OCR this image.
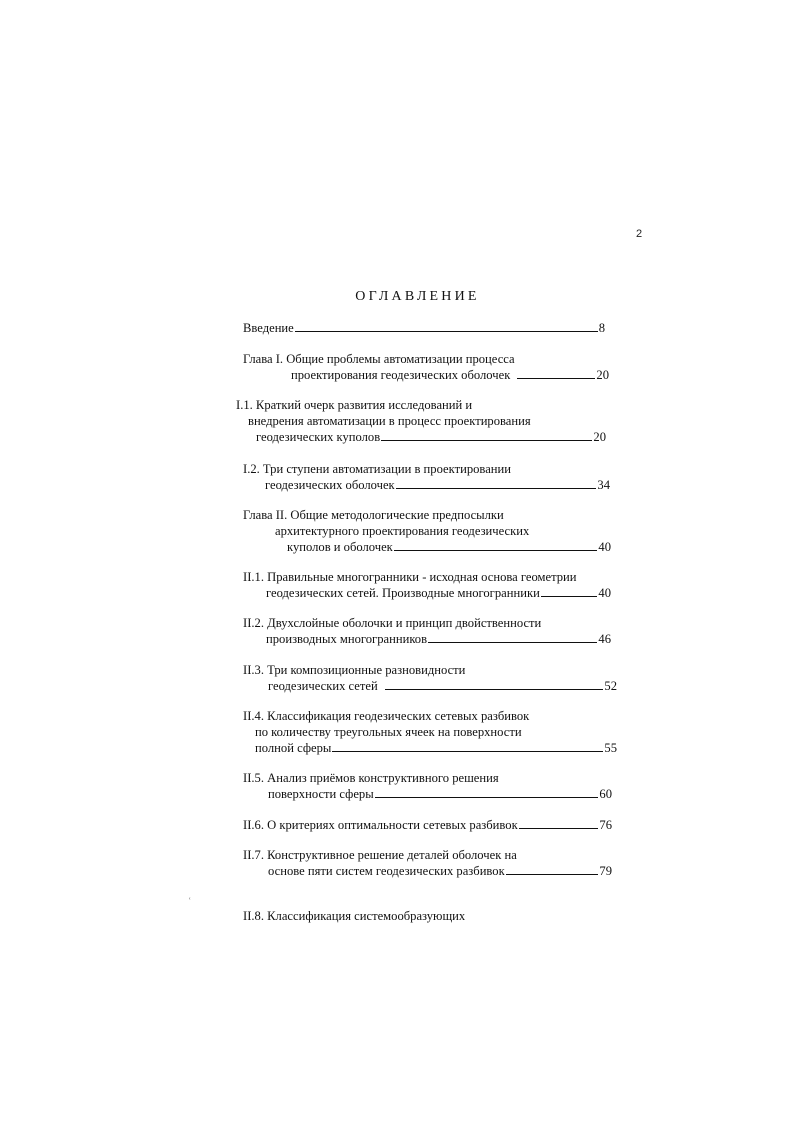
2
ОГЛАВЛЕНИЕ
Введение	8
Глава I. Общие проблемы автоматизации процесса
проектирования геодезических оболочек	20
I.1. Краткий очерк развития исследований и
внедрения автоматизации в процесс проектирования
геодезических куполов	20
I.2. Три ступени автоматизации в проектировании
геодезических оболочек	34
Глава II. Общие методологические предпосылки
архитектурного проектирования геодезических
куполов и оболочек	40
II.1. Правильные многогранники - исходная основа геометрии
геодезических сетей. Производные многогранники	40
II.2. Двухслойные оболочки и принцип двойственности
производных многогранников	46
II.3. Три композиционные разновидности
геодезических сетей	52
II.4. Классификация геодезических сетевых разбивок
по количеству треугольных ячеек на поверхности
полной сферы	55
II.5. Анализ приёмов конструктивного решения
поверхности сферы	60
II.6. О критериях оптимальности сетевых разбивок	76
II.7. Конструктивное решение деталей оболочек на
основе пяти систем геодезических разбивок	79
II.8. Классификация системообразующих
ʿ
